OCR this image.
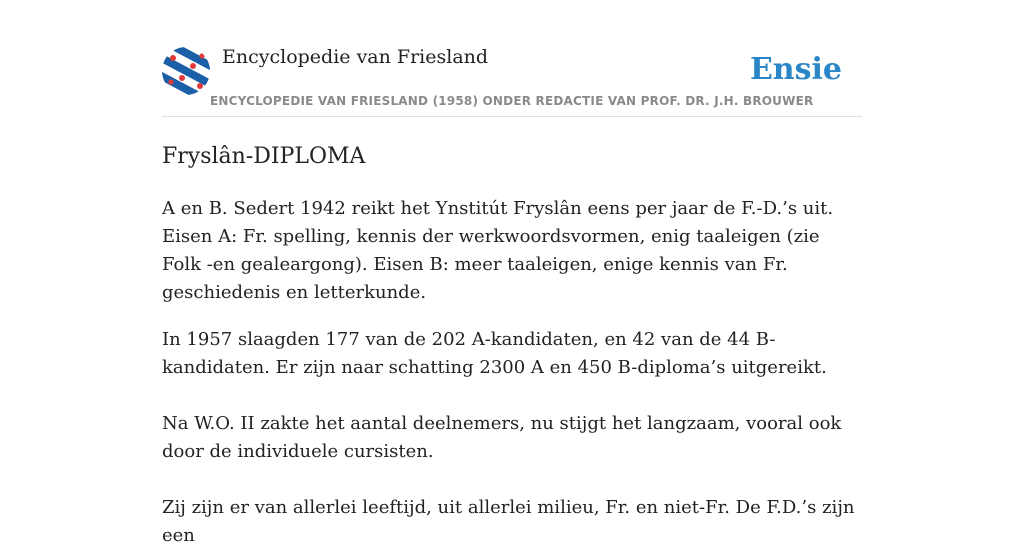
Encyclopedie van Friesland	Ensie
ENCYCLOPEDIE VAN FRIESLAND (1958) ONDER REDACTIE VAN PROF. DR. J.H. BROUWER
Fryslân-DIPLOMA

A en B. Sedert 1942 reikt het Ynstitút Fryslân eens per jaar de F.-D.’s uit. Eisen A: Fr. spelling, kennis der werkwoordsvormen, enig taaleigen (zie Folk -en gealeargong). Eisen B: meer taaleigen, enige kennis van Fr. geschiedenis en letterkunde.

In 1957 slaagden 177 van de 202 A-kandidaten, en 42 van de 44 B-kandidaten. Er zijn naar schatting 2300 A en 450 B-diploma’s uitgereikt.

Na W.O. II zakte het aantal deelnemers, nu stijgt het langzaam, vooral ook door de individuele cursisten.

Zij zijn er van allerlei leeftijd, uit allerlei milieu, Fr. en niet-Fr. De F.D.’s zijn een
